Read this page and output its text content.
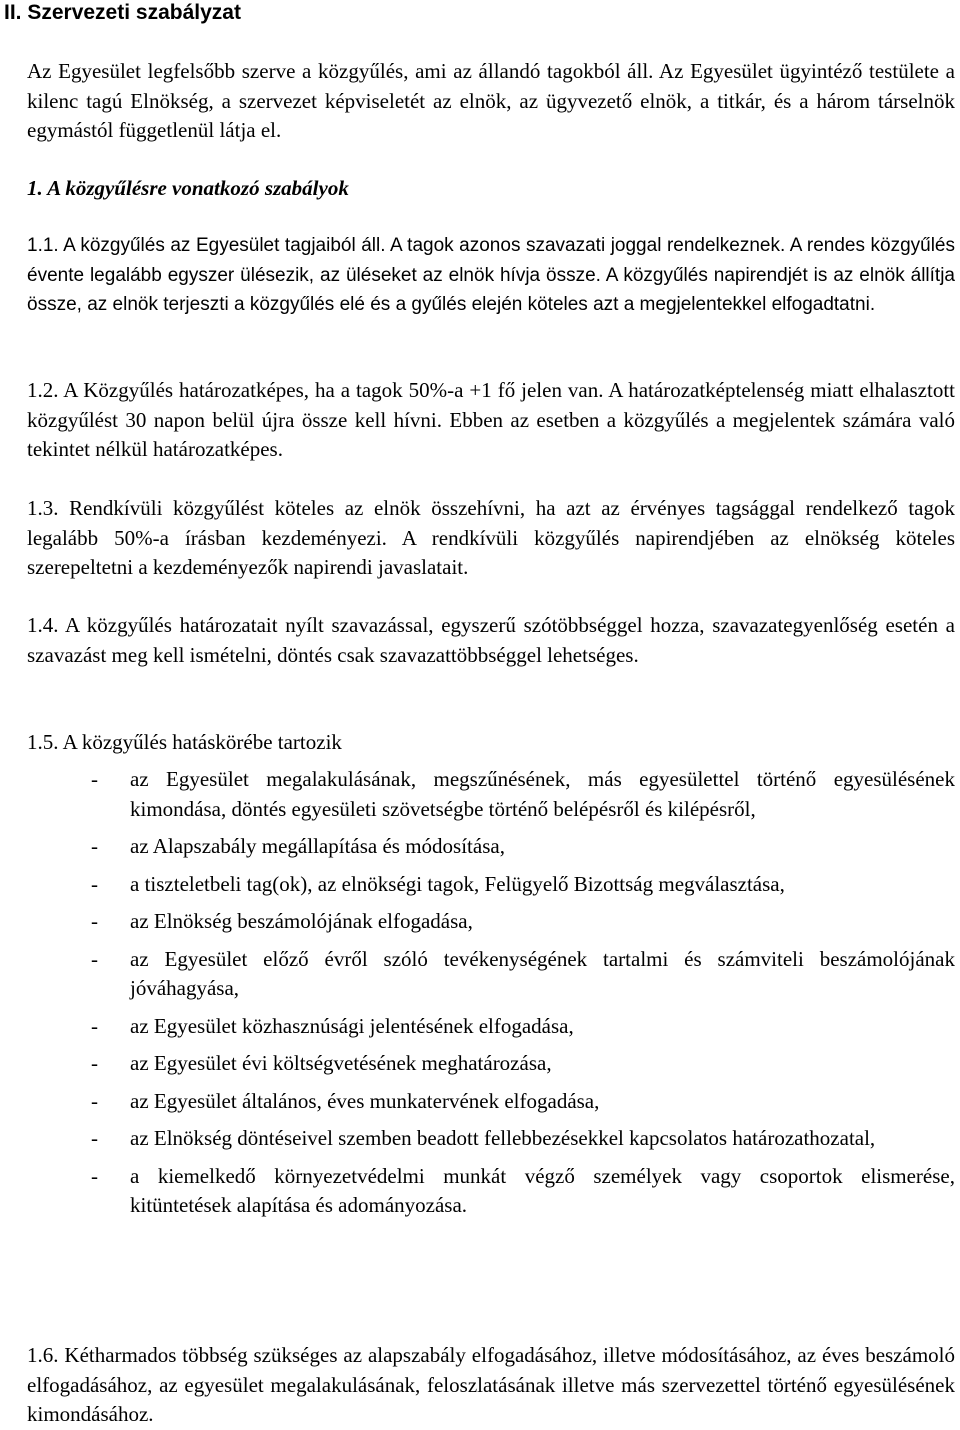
II. Szervezeti szabályzat

Az Egyesület legfelsőbb szerve a közgyűlés, ami az állandó tagokból áll. Az Egyesület ügyintéző testülete a kilenc tagú Elnökség, a szervezet képviseletét az elnök, az ügyvezető elnök, a titkár, és a három társelnök egymástól függetlenül látja el.

1. A közgyűlésre vonatkozó szabályok

1.1. A közgyűlés az Egyesület tagjaiból áll. A tagok azonos szavazati joggal rendelkeznek. A rendes közgyűlés évente legalább egyszer ülésezik, az üléseket az elnök hívja össze. A közgyűlés napirendjét is az elnök állítja össze, az elnök terjeszti a közgyűlés elé és a gyűlés elején köteles azt a megjelentekkel elfogadtatni.

1.2. A Közgyűlés határozatképes, ha a tagok 50%-a +1 fő jelen van. A határozatképtelenség miatt elhalasztott közgyűlést 30 napon belül újra össze kell hívni. Ebben az esetben a közgyűlés a megjelentek számára való tekintet nélkül határozatképes.

1.3. Rendkívüli közgyűlést köteles az elnök összehívni, ha azt az érvényes tagsággal rendelkező tagok legalább 50%-a írásban kezdeményezi. A rendkívüli közgyűlés napirendjében az elnökség köteles szerepeltetni a kezdeményezők napirendi javaslatait.

1.4. A közgyűlés határozatait nyílt szavazással, egyszerű szótöbbséggel hozza, szavazategyenlőség esetén a szavazást meg kell ismételni, döntés csak szavazattöbbséggel lehetséges.

1.5. A közgyűlés hatáskörébe tartozik

- az Egyesület megalakulásának, megszűnésének, más egyesülettel történő egyesülésének kimondása, döntés egyesületi szövetségbe történő belépésről és kilépésről,
- az Alapszabály megállapítása és módosítása,
- a tiszteletbeli tag(ok), az elnökségi tagok, Felügyelő Bizottság megválasztása,
- az Elnökség beszámolójának elfogadása,
- az Egyesület előző évről szóló tevékenységének tartalmi és számviteli beszámolójának jóváhagyása,
- az Egyesület közhasznúsági jelentésének elfogadása,
- az Egyesület évi költségvetésének meghatározása,
- az Egyesület általános, éves munkatervének elfogadása,
- az Elnökség döntéseivel szemben beadott fellebbezésekkel kapcsolatos határozathozatal,
- a kiemelkedő környezetvédelmi munkát végző személyek vagy csoportok elismerése, kitüntetések alapítása és adományozása.

1.6. Kétharmados többség szükséges az alapszabály elfogadásához, illetve módosításához, az éves beszámoló elfogadásához, az egyesület megalakulásának, feloszlatásának illetve más szervezettel történő egyesülésének kimondásához.
